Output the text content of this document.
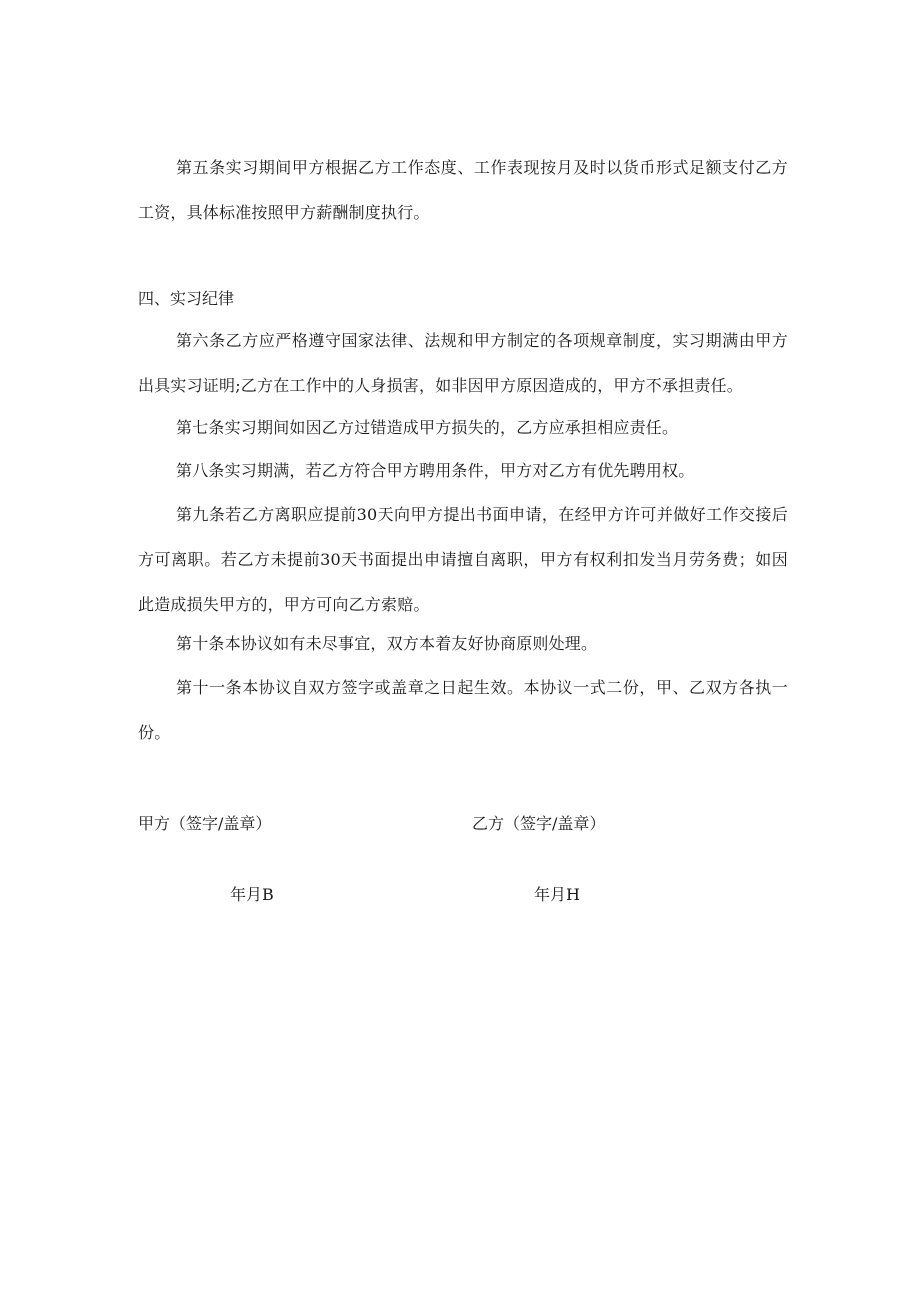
第五条实习期间甲方根据乙方工作态度、工作表现按月及时以货币形式足额支付乙方工资，具体标准按照甲方薪酬制度执行。

四、实习纪律

第六条乙方应严格遵守国家法律、法规和甲方制定的各项规章制度，实习期满由甲方出具实习证明;乙方在工作中的人身损害，如非因甲方原因造成的，甲方不承担责任。

第七条实习期间如因乙方过错造成甲方损失的，乙方应承担相应责任。

第八条实习期满，若乙方符合甲方聘用条件，甲方对乙方有优先聘用权。

第九条若乙方离职应提前30天向甲方提出书面申请，在经甲方许可并做好工作交接后方可离职。若乙方未提前30天书面提出申请擅自离职，甲方有权利扣发当月劳务费；如因此造成损失甲方的，甲方可向乙方索赔。

第十条本协议如有未尽事宜，双方本着友好协商原则处理。

第十一条本协议自双方签字或盖章之日起生效。本协议一式二份，甲、乙双方各执一份。

甲方（签字/盖章）	乙方（签字/盖章）
年月B	年月H
